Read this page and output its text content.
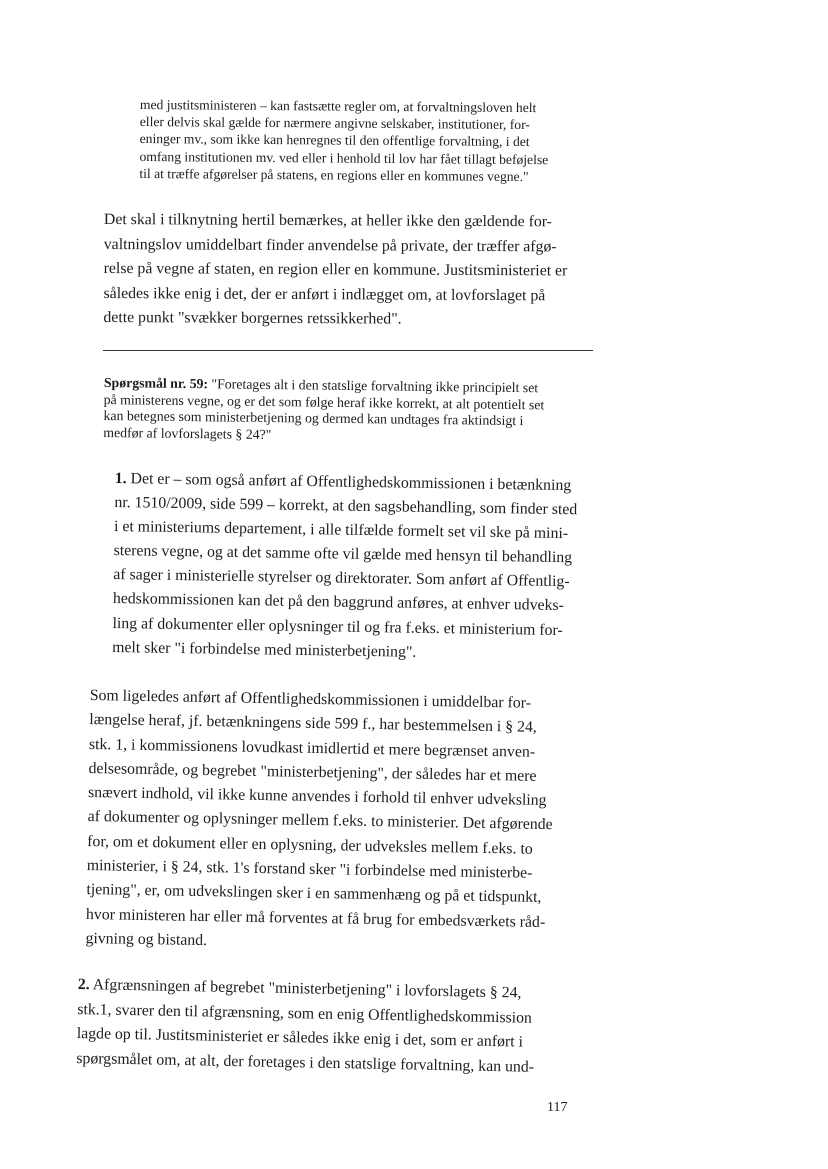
med justitsministeren – kan fastsætte regler om, at forvaltningsloven helt
eller delvis skal gælde for nærmere angivne selskaber, institutioner, for-
eninger mv., som ikke kan henregnes til den offentlige forvaltning, i det
omfang institutionen mv. ved eller i henhold til lov har fået tillagt beføjelse
til at træffe afgørelser på statens, en regions eller en kommunes vegne."
Det skal i tilknytning hertil bemærkes, at heller ikke den gældende for-
valtningslov umiddelbart finder anvendelse på private, der træffer afgø-
relse på vegne af staten, en region eller en kommune. Justitsministeriet er
således ikke enig i det, der er anført i indlægget om, at lovforslaget på
dette punkt "svækker borgernes retssikkerhed".
Spørgsmål nr. 59: "Foretages alt i den statslige forvaltning ikke principielt set
på ministerens vegne, og er det som følge heraf ikke korrekt, at alt potentielt set
kan betegnes som ministerbetjening og dermed kan undtages fra aktindsigt i
medfør af lovforslagets § 24?"
1. Det er – som også anført af Offentlighedskommissionen i betænkning
nr. 1510/2009, side 599 – korrekt, at den sagsbehandling, som finder sted
i et ministeriums departement, i alle tilfælde formelt set vil ske på mini-
sterens vegne, og at det samme ofte vil gælde med hensyn til behandling
af sager i ministerielle styrelser og direktorater. Som anført af Offentlig-
hedskommissionen kan det på den baggrund anføres, at enhver udveks-
ling af dokumenter eller oplysninger til og fra f.eks. et ministerium for-
melt sker "i forbindelse med ministerbetjening".
Som ligeledes anført af Offentlighedskommissionen i umiddelbar for-
længelse heraf, jf. betænkningens side 599 f., har bestemmelsen i § 24,
stk. 1, i kommissionens lovudkast imidlertid et mere begrænset anven-
delsesområde, og begrebet "ministerbetjening", der således har et mere
snævert indhold, vil ikke kunne anvendes i forhold til enhver udveksling
af dokumenter og oplysninger mellem f.eks. to ministerier. Det afgørende
for, om et dokument eller en oplysning, der udveksles mellem f.eks. to
ministerier, i § 24, stk. 1's forstand sker "i forbindelse med ministerbe-
tjening", er, om udvekslingen sker i en sammenhæng og på et tidspunkt,
hvor ministeren har eller må forventes at få brug for embedsværkets råd-
givning og bistand.
2. Afgrænsningen af begrebet "ministerbetjening" i lovforslagets § 24,
stk.1, svarer den til afgrænsning, som en enig Offentlighedskommission
lagde op til. Justitsministeriet er således ikke enig i det, som er anført i
spørgsmålet om, at alt, der foretages i den statslige forvaltning, kan und-
117
